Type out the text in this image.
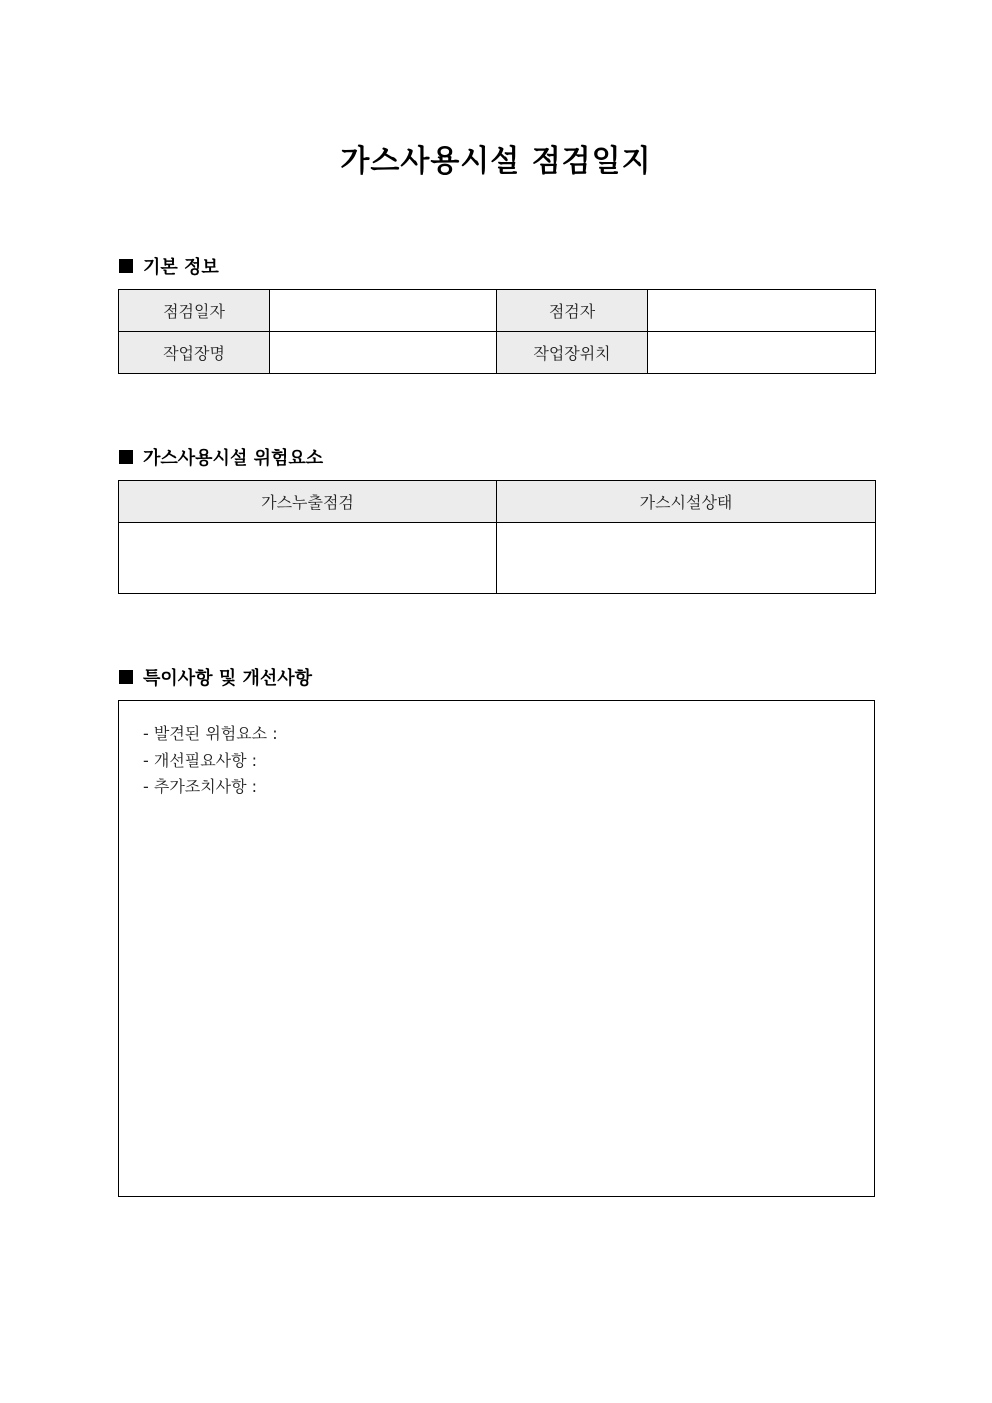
가스사용시설 점검일지
기본 정보
점검일자		점검자	
작업장명		작업장위치	
가스사용시설 위험요소
가스누출점검	가스시설상태

특이사항 및 개선사항
- 발견된 위험요소 :
- 개선필요사항 :
- 추가조치사항 :
